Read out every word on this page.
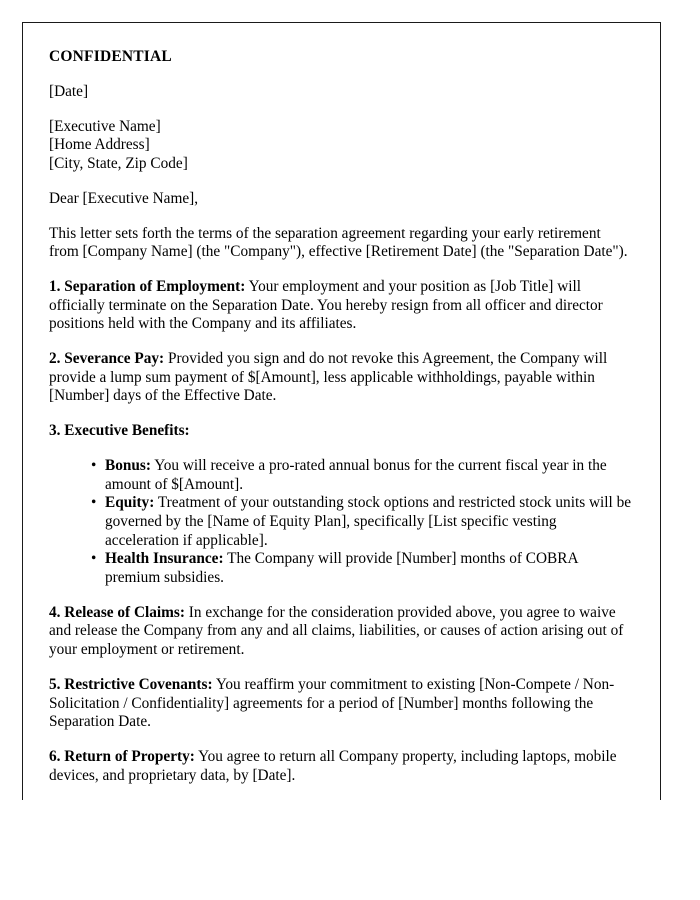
CONFIDENTIAL

[Date]

[Executive Name]
[Home Address]
[City, State, Zip Code]

Dear [Executive Name],

This letter sets forth the terms of the separation agreement regarding your early retirement from [Company Name] (the "Company"), effective [Retirement Date] (the "Separation Date").

1. Separation of Employment: Your employment and your position as [Job Title] will officially terminate on the Separation Date. You hereby resign from all officer and director positions held with the Company and its affiliates.

2. Severance Pay: Provided you sign and do not revoke this Agreement, the Company will provide a lump sum payment of $[Amount], less applicable withholdings, payable within [Number] days of the Effective Date.

3. Executive Benefits:

• Bonus: You will receive a pro-rated annual bonus for the current fiscal year in the amount of $[Amount].
• Equity: Treatment of your outstanding stock options and restricted stock units will be governed by the [Name of Equity Plan], specifically [List specific vesting acceleration if applicable].
• Health Insurance: The Company will provide [Number] months of COBRA premium subsidies.

4. Release of Claims: In exchange for the consideration provided above, you agree to waive and release the Company from any and all claims, liabilities, or causes of action arising out of your employment or retirement.

5. Restrictive Covenants: You reaffirm your commitment to existing [Non-Compete / Non-Solicitation / Confidentiality] agreements for a period of [Number] months following the Separation Date.

6. Return of Property: You agree to return all Company property, including laptops, mobile devices, and proprietary data, by [Date].
